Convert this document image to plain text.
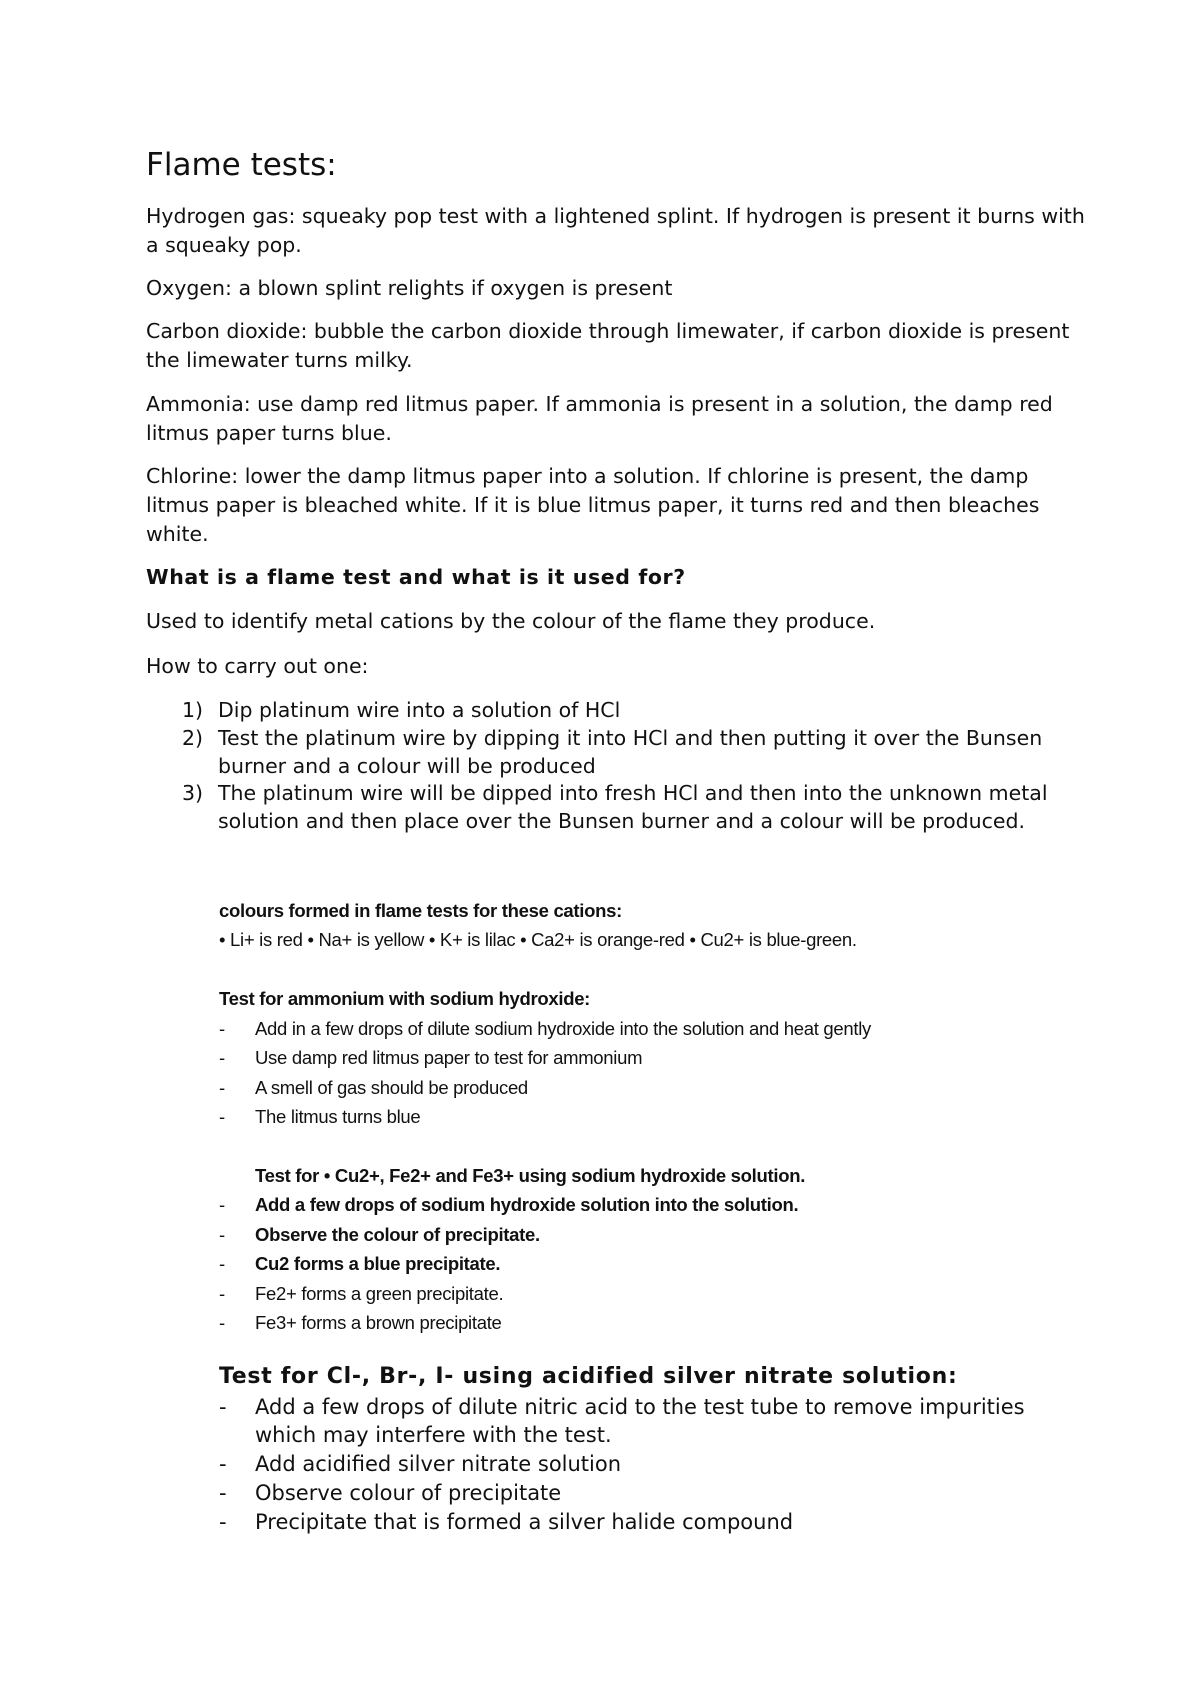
Flame tests:

Hydrogen gas: squeaky pop test with a lightened splint. If hydrogen is present it burns with a squeaky pop.

Oxygen: a blown splint relights if oxygen is present

Carbon dioxide: bubble the carbon dioxide through limewater, if carbon dioxide is present the limewater turns milky.

Ammonia: use damp red litmus paper. If ammonia is present in a solution, the damp red litmus paper turns blue.

Chlorine: lower the damp litmus paper into a solution. If chlorine is present, the damp litmus paper is bleached white. If it is blue litmus paper, it turns red and then bleaches white.

What is a flame test and what is it used for?

Used to identify metal cations by the colour of the flame they produce.

How to carry out one:

1) Dip platinum wire into a solution of HCl
2) Test the platinum wire by dipping it into HCl and then putting it over the Bunsen burner and a colour will be produced
3) The platinum wire will be dipped into fresh HCl and then into the unknown metal solution and then place over the Bunsen burner and a colour will be produced.
colours formed in flame tests for these cations:
• Li+ is red • Na+ is yellow • K+ is lilac • Ca2+ is orange-red • Cu2+ is blue-green.
Test for ammonium with sodium hydroxide:
- Add in a few drops of dilute sodium hydroxide into the solution and heat gently
- Use damp red litmus paper to test for ammonium
- A smell of gas should be produced
- The litmus turns blue
Test for • Cu2+, Fe2+ and Fe3+ using sodium hydroxide solution.
- Add a few drops of sodium hydroxide solution into the solution.
- Observe the colour of precipitate.
- Cu2 forms a blue precipitate.
- Fe2+ forms a green precipitate.
- Fe3+ forms a brown precipitate
Test for Cl-, Br-, I- using acidified silver nitrate solution:
- Add a few drops of dilute nitric acid to the test tube to remove impurities which may interfere with the test.
- Add acidified silver nitrate solution
- Observe colour of precipitate
- Precipitate that is formed a silver halide compound
